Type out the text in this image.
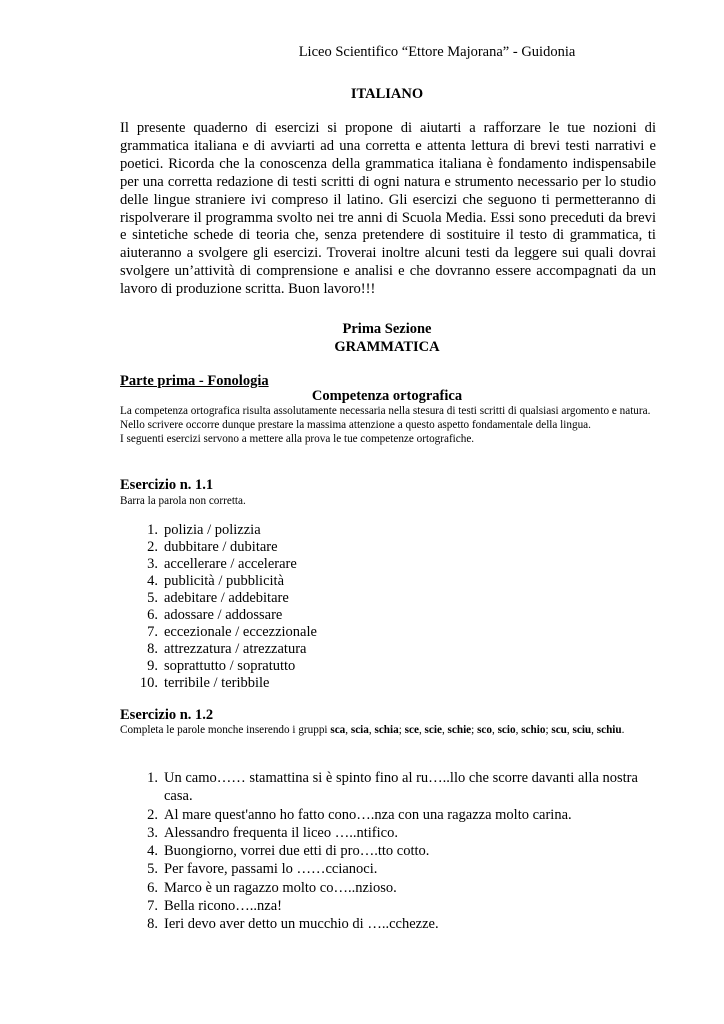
Liceo Scientifico “Ettore Majorana” - Guidonia
ITALIANO
Il presente quaderno di esercizi si propone di aiutarti a rafforzare le tue nozioni di grammatica italiana e di avviarti ad una corretta e attenta lettura di brevi testi narrativi e poetici. Ricorda che la conoscenza della grammatica italiana è fondamento indispensabile per una corretta redazione di testi scritti di ogni natura e strumento necessario per lo studio delle lingue straniere ivi compreso il latino. Gli esercizi che seguono ti permetteranno di rispolverare il programma svolto nei tre anni di Scuola Media. Essi sono preceduti da brevi e sintetiche schede di teoria che, senza pretendere di sostituire il testo di grammatica, ti aiuteranno a svolgere gli esercizi. Troverai inoltre alcuni testi da leggere sui quali dovrai svolgere un’attività di comprensione e analisi e che dovranno essere accompagnati da un lavoro di produzione scritta. Buon lavoro!!!
Prima Sezione
GRAMMATICA
Parte prima - Fonologia
Competenza ortografica
La competenza ortografica risulta assolutamente necessaria nella stesura di testi scritti di qualsiasi argomento e natura. Nello scrivere occorre dunque prestare la massima attenzione a questo aspetto fondamentale della lingua.
I seguenti esercizi servono a mettere alla prova le tue competenze ortografiche.
Esercizio n. 1.1
Barra la parola non corretta.
1. polizia / polizzia
2. dubbitare / dubitare
3. accellerare / accelerare
4. publicità / pubblicità
5. adebitare / addebitare
6. adossare / addossare
7. eccezionale / eccezzionale
8. attrezzatura / atrezzatura
9. soprattutto / sopratutto
10. terribile / teribbile
Esercizio n. 1.2
Completa le parole monche inserendo i gruppi sca, scia, schia; sce, scie, schie; sco, scio, schio; scu, sciu, schiu.
1. Un camo…… stamattina si è spinto fino al ru…..llo che scorre davanti alla nostra casa.
2. Al mare quest'anno ho fatto cono….nza con una ragazza molto carina.
3. Alessandro frequenta il liceo …..ntifico.
4. Buongiorno, vorrei due etti di pro….tto cotto.
5. Per favore, passami lo ……ccianoci.
6. Marco è un ragazzo molto co…..nzioso.
7. Bella ricono…..nza!
8. Ieri devo aver detto un mucchio di …..cchezze.
